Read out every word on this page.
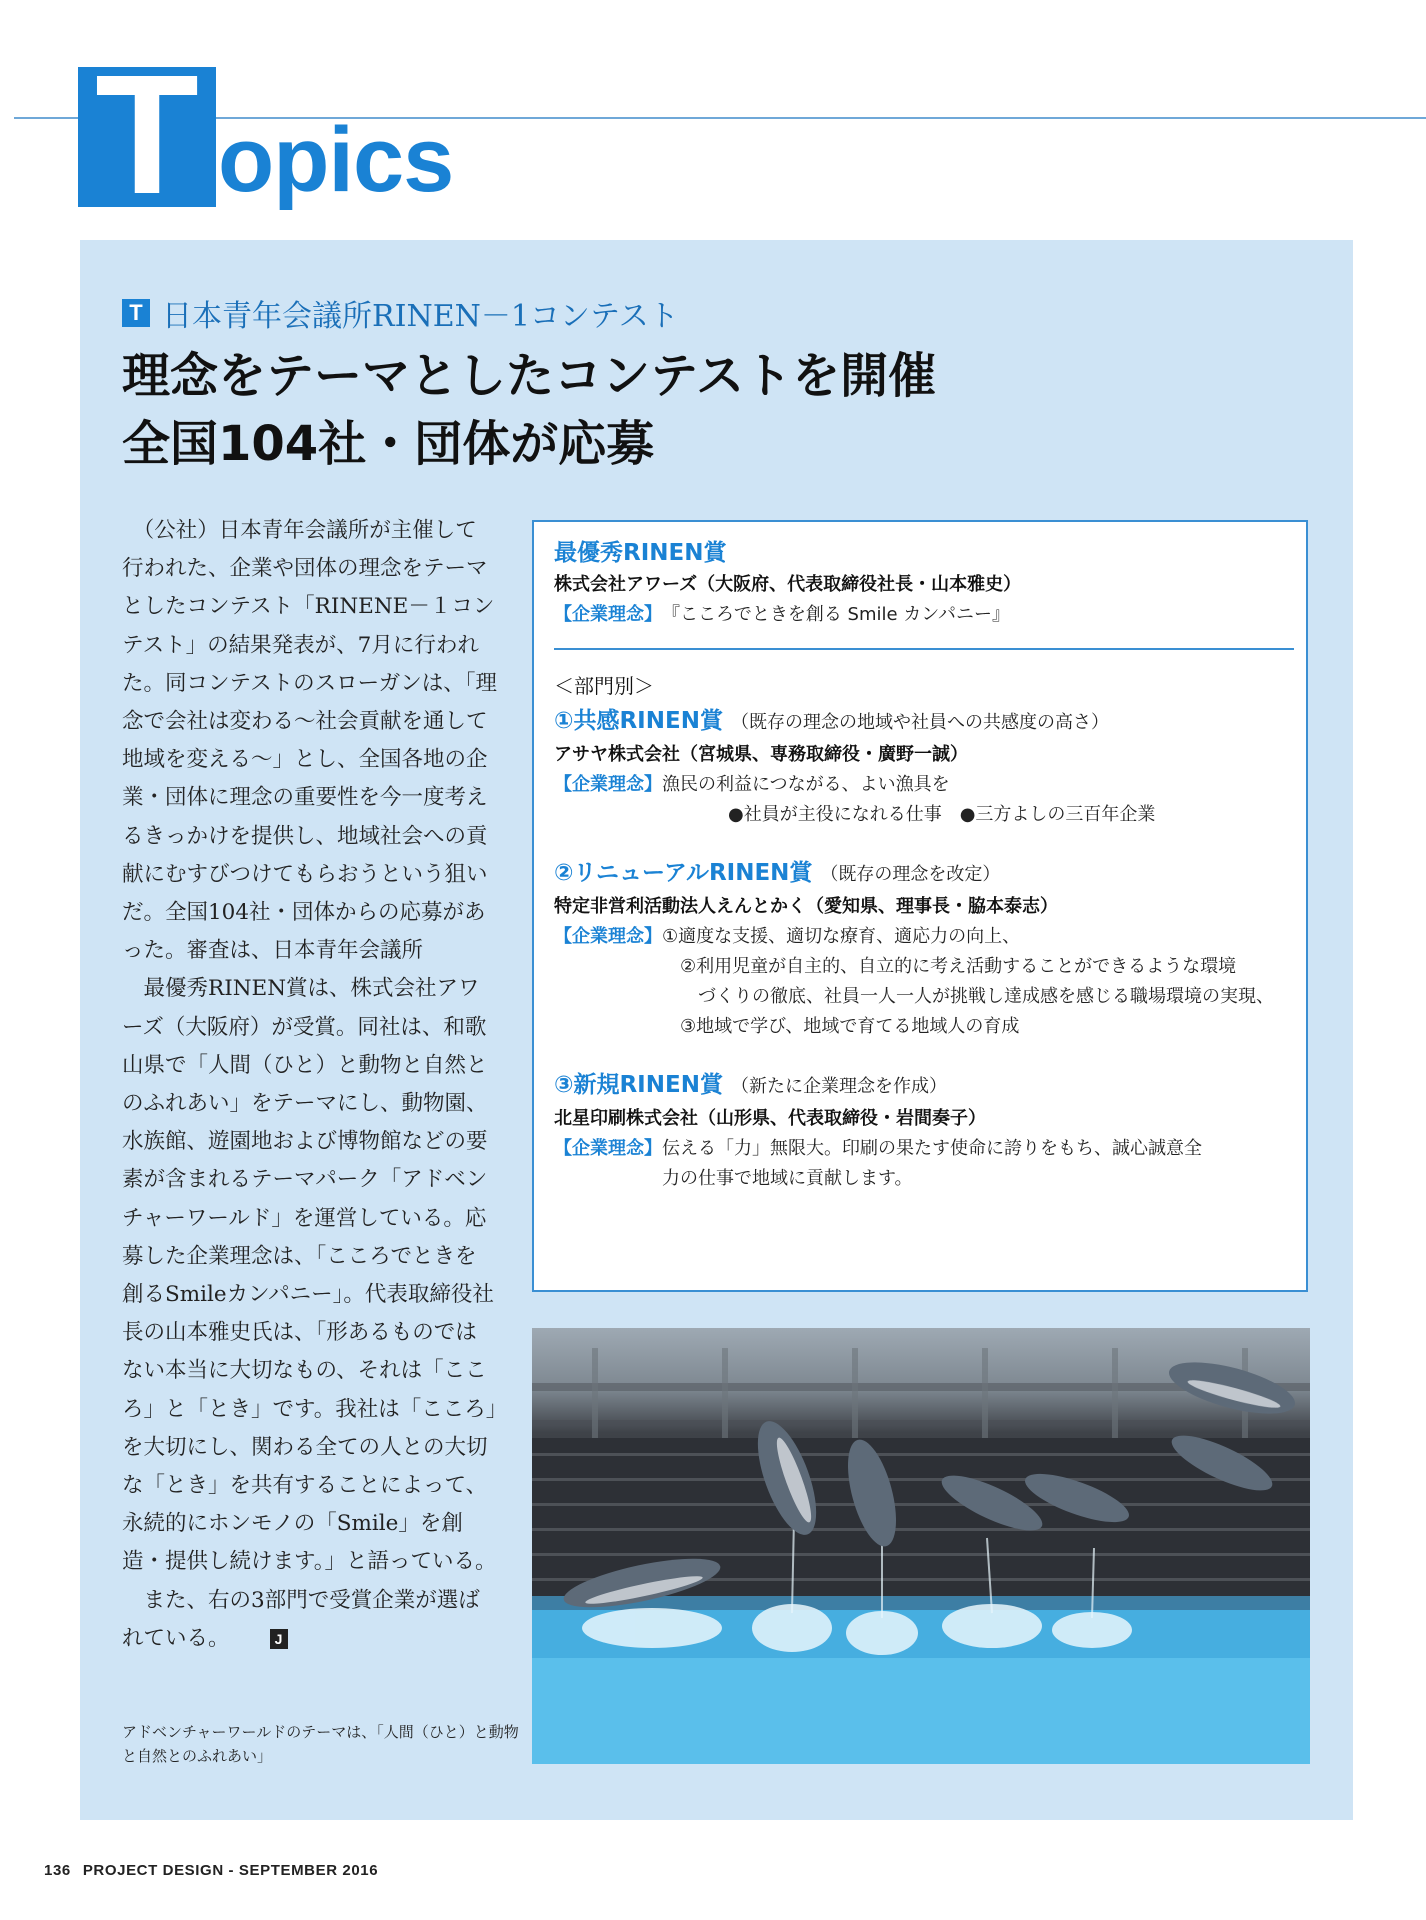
T opics
T 日本青年会議所RINEN－1コンテスト
理念をテーマとしたコンテストを開催
全国104社・団体が応募

　（公社）日本青年会議所が主催して行われた、企業や団体の理念をテーマとしたコンテスト「RINENE－１コンテスト」の結果発表が、7月に行われた。同コンテストのスローガンは、「理念で会社は変わる～社会貢献を通して地域を変える～」とし、全国各地の企業・団体に理念の重要性を今一度考えるきっかけを提供し、地域社会への貢献にむすびつけてもらおうという狙いだ。全国104社・団体からの応募があった。審査は、日本青年会議所

　最優秀RINEN賞は、株式会社アワーズ（大阪府）が受賞。同社は、和歌山県で「人間（ひと）と動物と自然とのふれあい」をテーマにし、動物園、水族館、遊園地および博物館などの要素が含まれるテーマパーク「アドベンチャーワールド」を運営している。応募した企業理念は、「こころでときを創るSmileカンパニー」。代表取締役社長の山本雅史氏は、「形あるものではない本当に大切なもの、それは「こころ」と「とき」です。我社は「こころ」を大切にし、関わる全ての人との大切な「とき」を共有することによって、永続的にホンモノの「Smile」を創造・提供し続けます。」と語っている。

　また、右の3部門で受賞企業が選ばれている。	J

最優秀RINEN賞
株式会社アワーズ（大阪府、代表取締役社長・山本雅史）
【企業理念】 『こころでときを創る Smile カンパニー』
＜部門別＞
①共感RINEN賞 （既存の理念の地域や社員への共感度の高さ）
アサヤ株式会社（宮城県、専務取締役・廣野一誠）
【企業理念】 漁民の利益につながる、よい漁具を
●社員が主役になれる仕事　●三方よしの三百年企業
②リニューアルRINEN賞 （既存の理念を改定）
特定非営利活動法人えんとかく（愛知県、理事長・脇本泰志）
【企業理念】 ①適度な支援、適切な療育、適応力の向上、
②利用児童が自主的、自立的に考え活動することができるような環境
づくりの徹底、社員一人一人が挑戦し達成感を感じる職場環境の実現、
③地域で学び、地域で育てる地域人の育成
③新規RINEN賞 （新たに企業理念を作成）
北星印刷株式会社（山形県、代表取締役・岩間奏子）
【企業理念】 伝える「力」無限大。印刷の果たす使命に誇りをもち、誠心誠意全
力の仕事で地域に貢献します。
アドベンチャーワールドのテーマは、「人間（ひと）と動物と自然とのふれあい」
136 PROJECT DESIGN - SEPTEMBER 2016
